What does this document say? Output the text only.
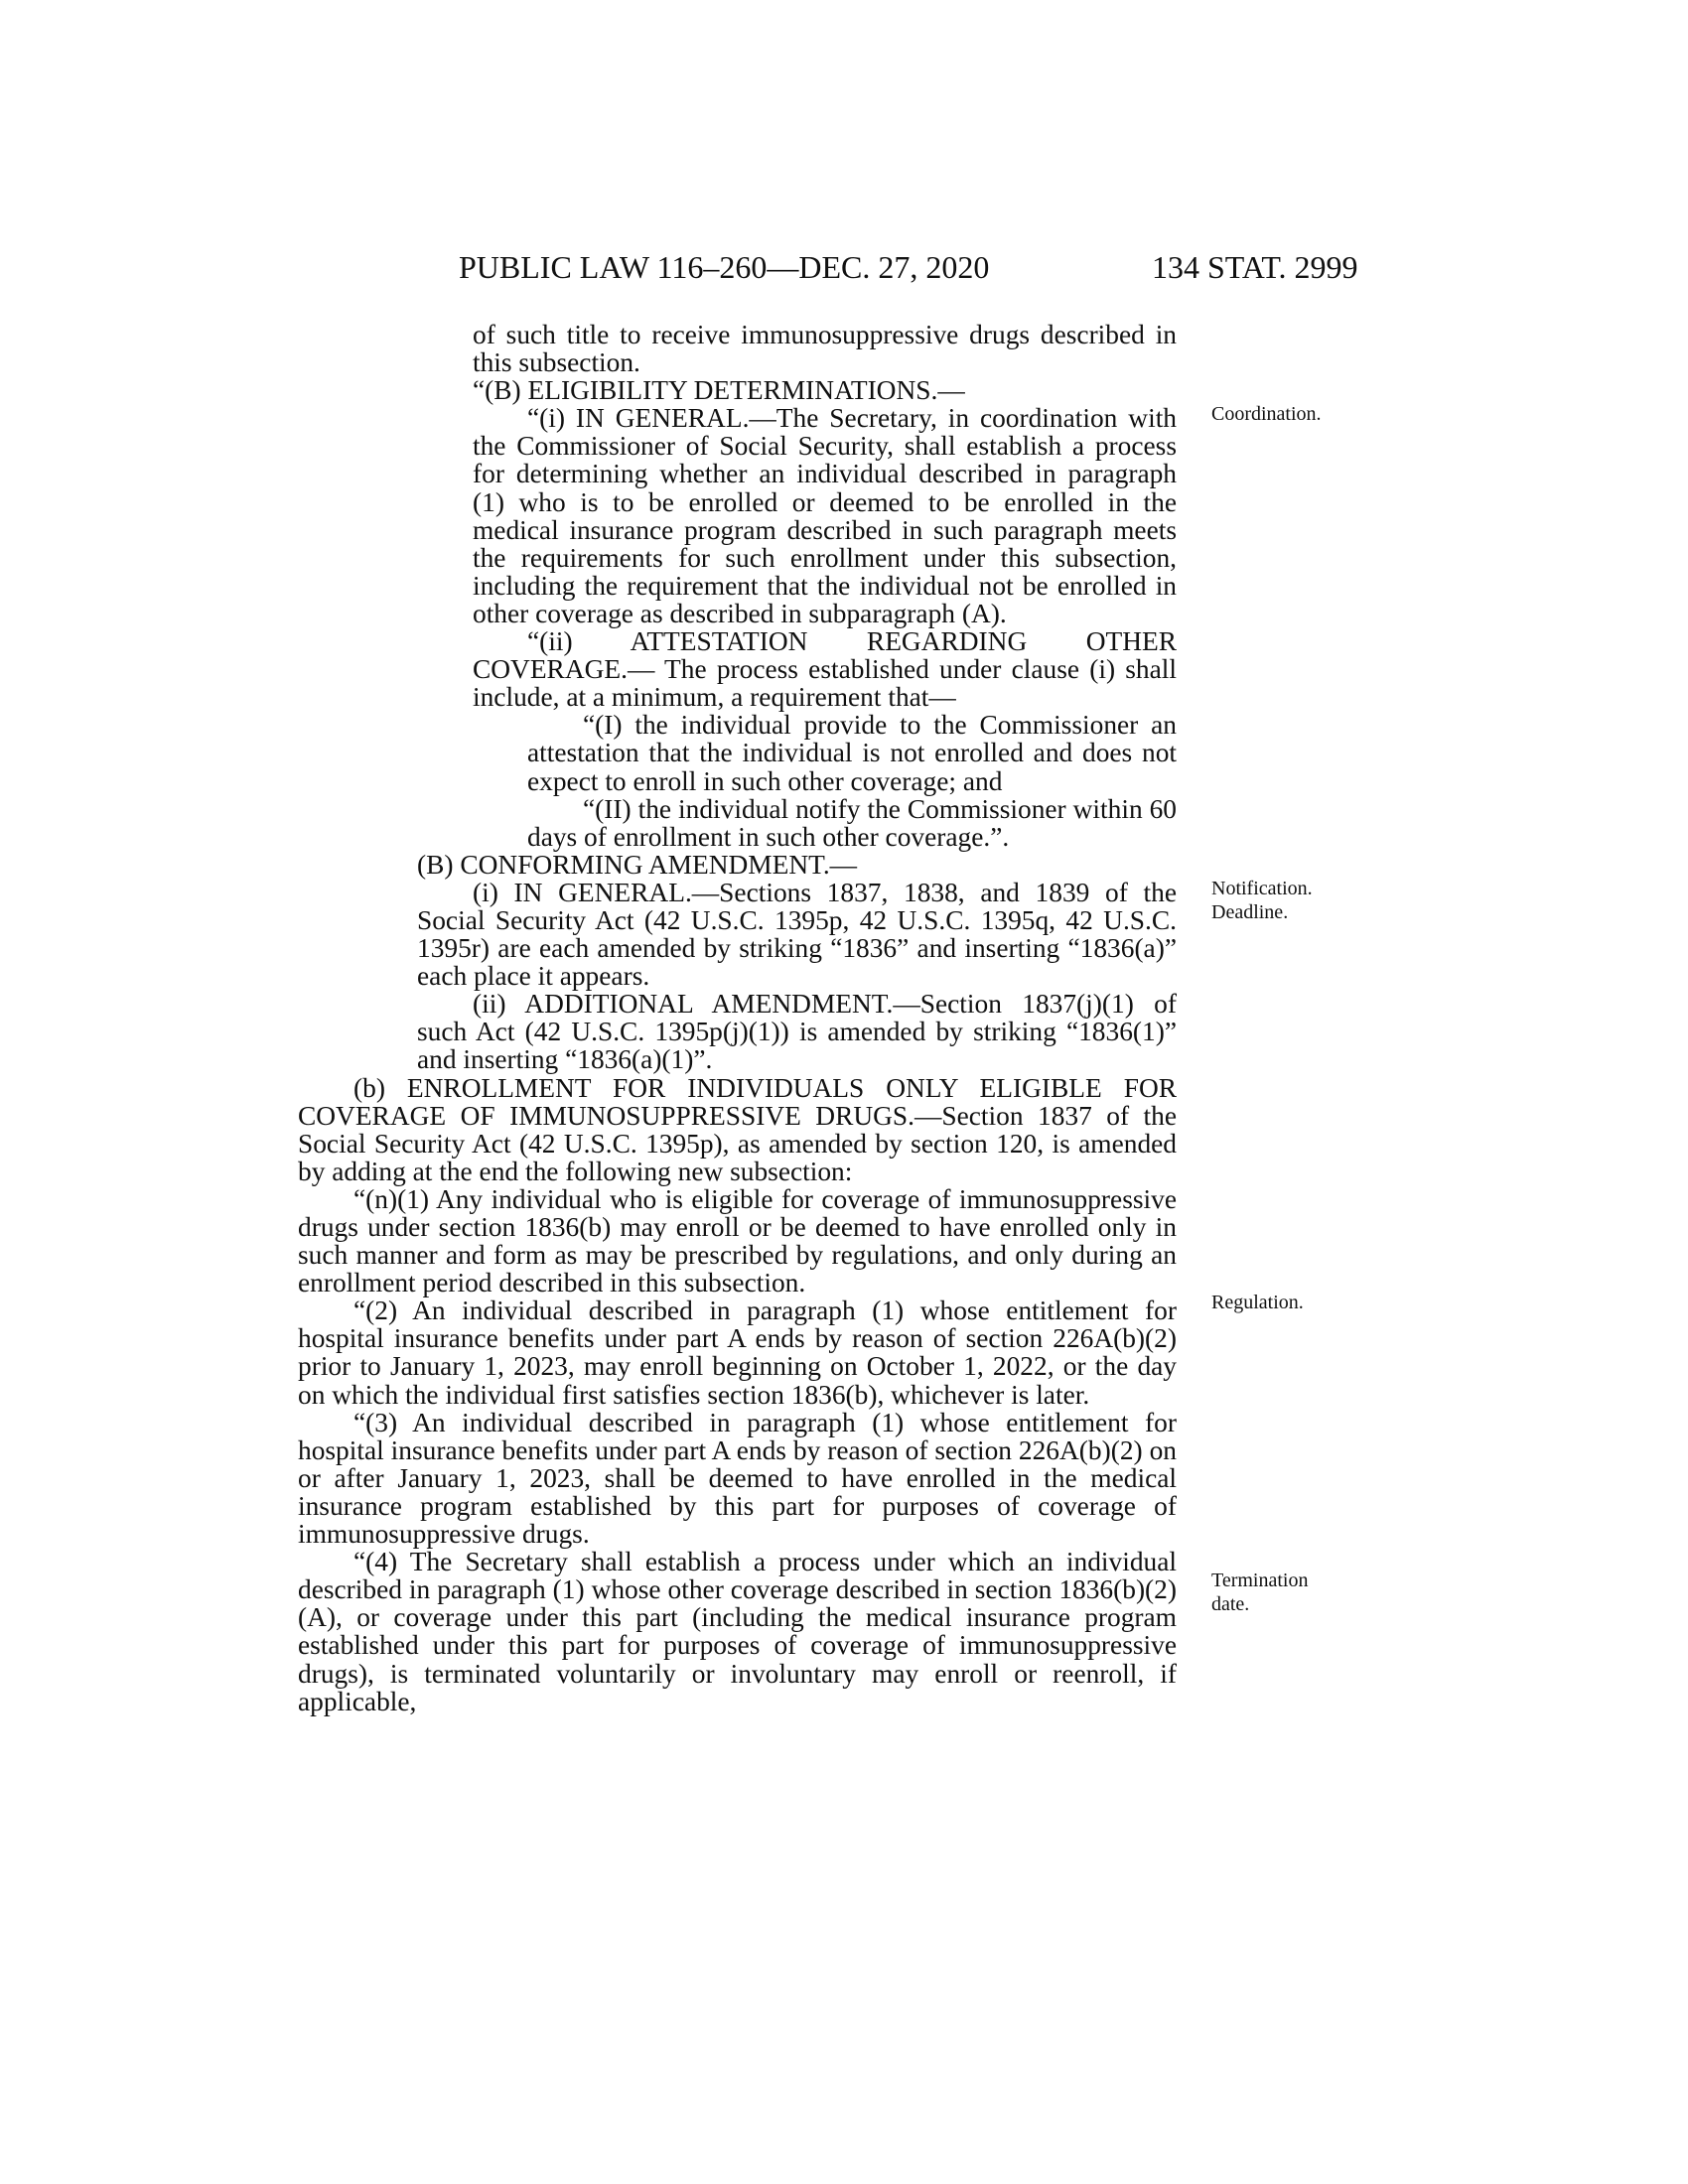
PUBLIC LAW 116–260—DEC. 27, 2020	134 STAT. 2999

of such title to receive immunosuppressive drugs described in this subsection.

“(B) ELIGIBILITY DETERMINATIONS.—

“(i) IN GENERAL.—The Secretary, in coordination with the Commissioner of Social Security, shall establish a process for determining whether an individual described in paragraph (1) who is to be enrolled or deemed to be enrolled in the medical insurance program described in such paragraph meets the requirements for such enrollment under this subsection, including the requirement that the individual not be enrolled in other coverage as described in subparagraph (A).

“(ii) ATTESTATION REGARDING OTHER COVERAGE.— The process established under clause (i) shall include, at a minimum, a requirement that—

“(I) the individual provide to the Commissioner an attestation that the individual is not enrolled and does not expect to enroll in such other coverage; and

“(II) the individual notify the Commissioner within 60 days of enrollment in such other coverage.”.

(B) CONFORMING AMENDMENT.—

(i) IN GENERAL.—Sections 1837, 1838, and 1839 of the Social Security Act (42 U.S.C. 1395p, 42 U.S.C. 1395q, 42 U.S.C. 1395r) are each amended by striking “1836” and inserting “1836(a)” each place it appears.

(ii) ADDITIONAL AMENDMENT.—Section 1837(j)(1) of such Act (42 U.S.C. 1395p(j)(1)) is amended by striking “1836(1)” and inserting “1836(a)(1)”.

(b) ENROLLMENT FOR INDIVIDUALS ONLY ELIGIBLE FOR COVERAGE OF IMMUNOSUPPRESSIVE DRUGS.—Section 1837 of the Social Security Act (42 U.S.C. 1395p), as amended by section 120, is amended by adding at the end the following new subsection:

“(n)(1) Any individual who is eligible for coverage of immunosuppressive drugs under section 1836(b) may enroll or be deemed to have enrolled only in such manner and form as may be prescribed by regulations, and only during an enrollment period described in this subsection.

“(2) An individual described in paragraph (1) whose entitlement for hospital insurance benefits under part A ends by reason of section 226A(b)(2) prior to January 1, 2023, may enroll beginning on October 1, 2022, or the day on which the individual first satisfies section 1836(b), whichever is later.

“(3) An individual described in paragraph (1) whose entitlement for hospital insurance benefits under part A ends by reason of section 226A(b)(2) on or after January 1, 2023, shall be deemed to have enrolled in the medical insurance program established by this part for purposes of coverage of immunosuppressive drugs.

“(4) The Secretary shall establish a process under which an individual described in paragraph (1) whose other coverage described in section 1836(b)(2)(A), or coverage under this part (including the medical insurance program established under this part for purposes of coverage of immunosuppressive drugs), is terminated voluntarily or involuntary may enroll or reenroll, if applicable,

Coordination.
Notification.
Deadline.
Regulation.
Termination
date.
